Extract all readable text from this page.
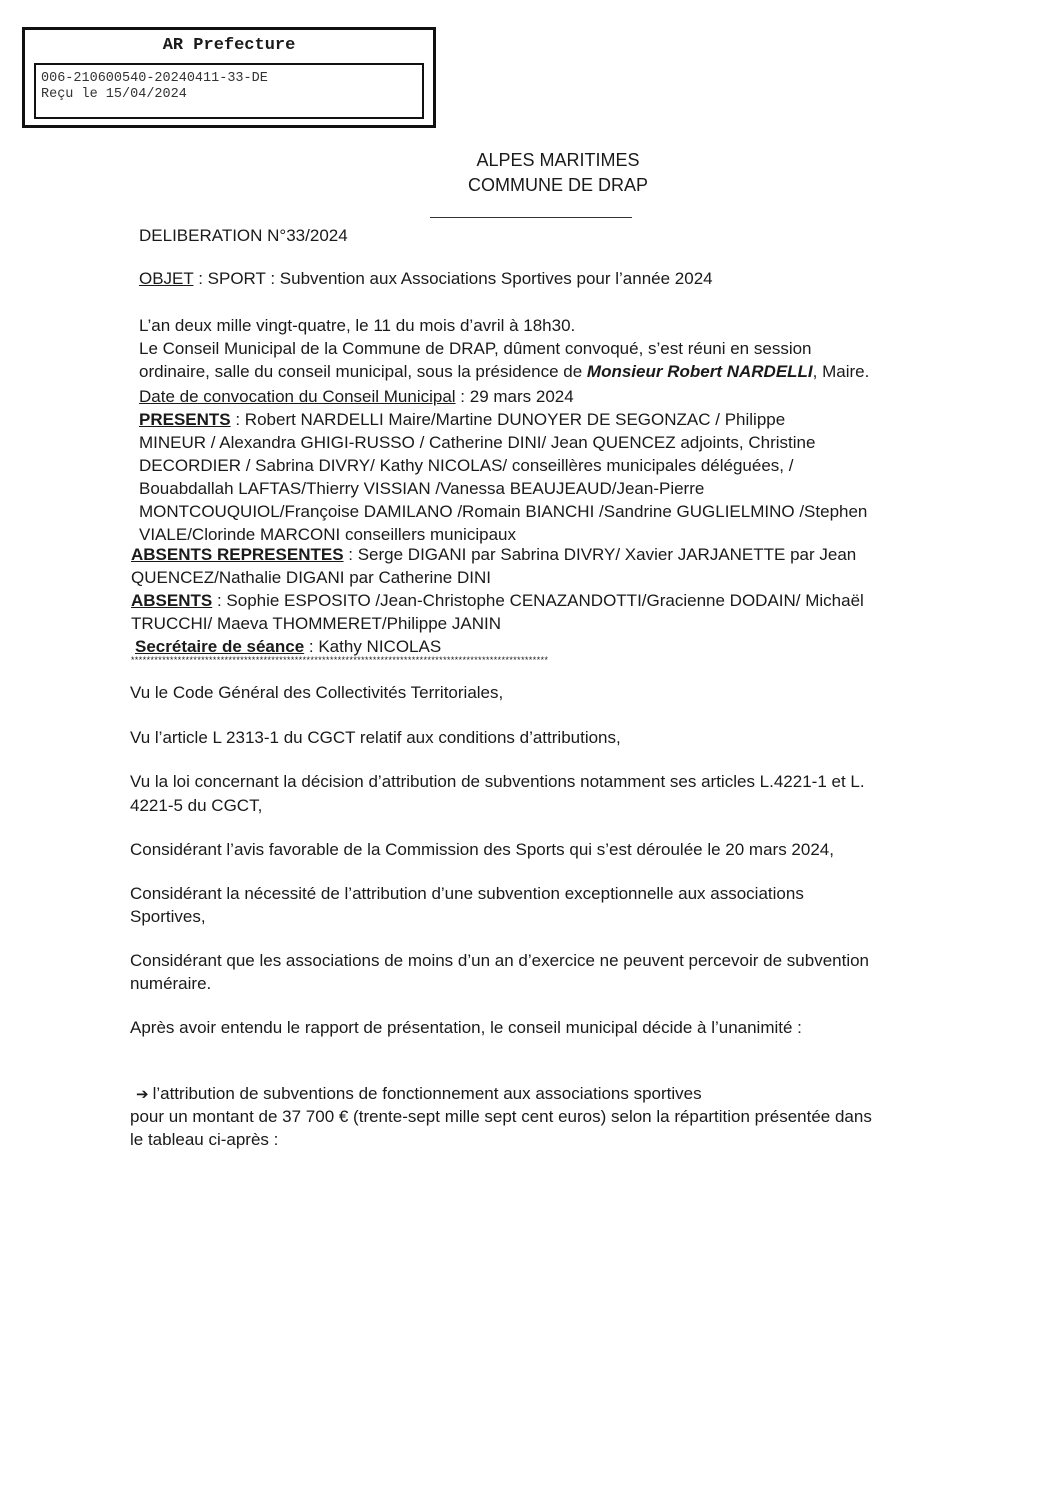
AR Prefecture
006-210600540-20240411-33-DE
Reçu le 15/04/2024
ALPES MARITIMES
COMMUNE DE DRAP
DELIBERATION N°33/2024
OBJET : SPORT : Subvention aux Associations Sportives pour l’année 2024
L’an deux mille vingt-quatre, le 11 du mois d’avril à 18h30.
Le Conseil Municipal de la Commune de DRAP, dûment convoqué, s’est réuni en session
ordinaire, salle du conseil municipal, sous la présidence de Monsieur Robert NARDELLI, Maire.
Date de convocation du Conseil Municipal : 29 mars 2024
PRESENTS : Robert NARDELLI Maire/Martine DUNOYER DE SEGONZAC / Philippe
MINEUR / Alexandra GHIGI-RUSSO / Catherine DINI/ Jean QUENCEZ adjoints, Christine
DECORDIER / Sabrina DIVRY/ Kathy NICOLAS/ conseillères municipales déléguées, /
Bouabdallah LAFTAS/Thierry VISSIAN /Vanessa BEAUJEAUD/Jean-Pierre
MONTCOUQUIOL/Françoise DAMILANO /Romain BIANCHI /Sandrine GUGLIELMINO /Stephen
VIALE/Clorinde MARCONI conseillers municipaux
ABSENTS REPRESENTES : Serge DIGANI par Sabrina DIVRY/ Xavier JARJANETTE par Jean
QUENCEZ/Nathalie DIGANI par Catherine DINI
ABSENTS : Sophie ESPOSITO /Jean-Christophe CENAZANDOTTI/Gracienne DODAIN/ Michaël
TRUCCHI/ Maeva THOMMERET/Philippe JANIN
Secrétaire de séance : Kathy NICOLAS
***********************************************************************************************************
Vu le Code Général des Collectivités Territoriales,
Vu l’article L 2313-1 du CGCT relatif aux conditions d’attributions,
Vu la loi concernant la décision d’attribution de subventions notamment ses articles L.4221-1 et L.
4221-5 du CGCT,
Considérant l’avis favorable de la Commission des Sports qui s’est déroulée le 20 mars 2024,
Considérant la nécessité de l’attribution d’une subvention exceptionnelle aux associations
Sportives,
Considérant que les associations de moins d’un an d’exercice ne peuvent percevoir de subvention
numéraire.
Après avoir entendu le rapport de présentation, le conseil municipal décide à l’unanimité :
➔ l’attribution de subventions de fonctionnement aux associations sportives
pour un montant de 37 700 € (trente-sept mille sept cent euros) selon la répartition présentée dans
le tableau ci-après :
